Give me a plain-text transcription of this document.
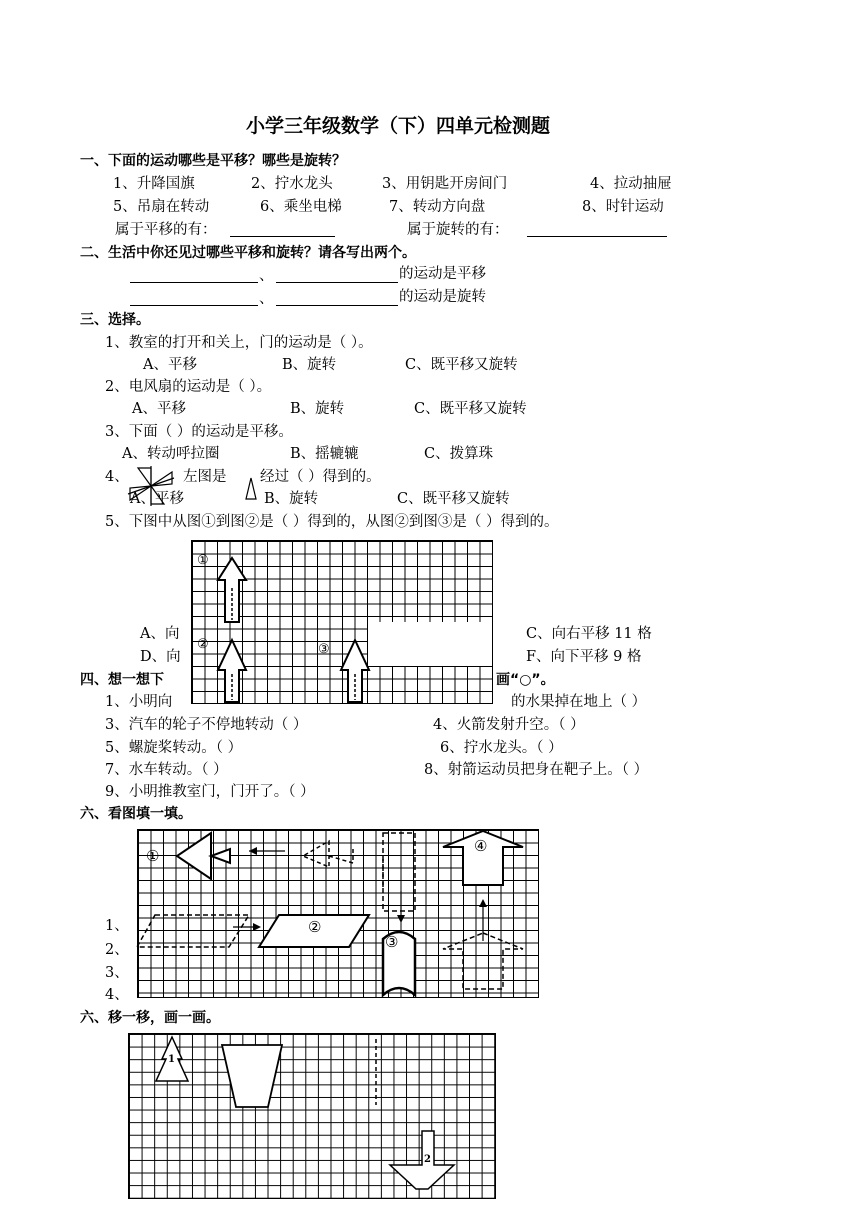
小学三年级数学（下）四单元检测题
一、下面的运动哪些是平移？哪些是旋转？
1、升降国旗	2、拧水龙头	3、用钥匙开房间门	4、拉动抽屉
5、吊扇在转动	6、乘坐电梯	7、转动方向盘	8、时针运动
属于平移的有：	属于旋转的有：
二、生活中你还见过哪些平移和旋转？请各写出两个。
、	的运动是平移
、	的运动是旋转
三、选择。
1、教室的打开和关上，门的运动是（ ）。
A、平移	B、旋转	C、既平移又旋转
2、电风扇的运动是（ ）。
A、平移	B、旋转	C、既平移又旋转
3、下面（ ）的运动是平移。
A、转动呼拉圈	B、摇辘辘	C、拨算珠
4、	左图是 经过（ ）得到的。
A、平移	B、旋转	C、既平移又旋转
5、下图中从图①到图②是（ ）得到的，从图②到图③是（ ）得到的。
①
②	③
A、向	C、向右平移 11 格
D、向	F、向下平移 9 格
四、想一想下	画“○”。
1、小明向	的水果掉在地上（ ）
3、汽车的轮子不停地转动（ ）	4、火箭发射升空。（ ）
5、螺旋桨转动。（ ）	6、拧水龙头。（ ）
7、水车转动。（ ）	8、射箭运动员把身在靶子上。（ ）
9、小明推教室门，门开了。（ ）
六、看图填一填。
①
②
③
④
1、
2、
3、
4、
六、移一移，画一画。
1
2
